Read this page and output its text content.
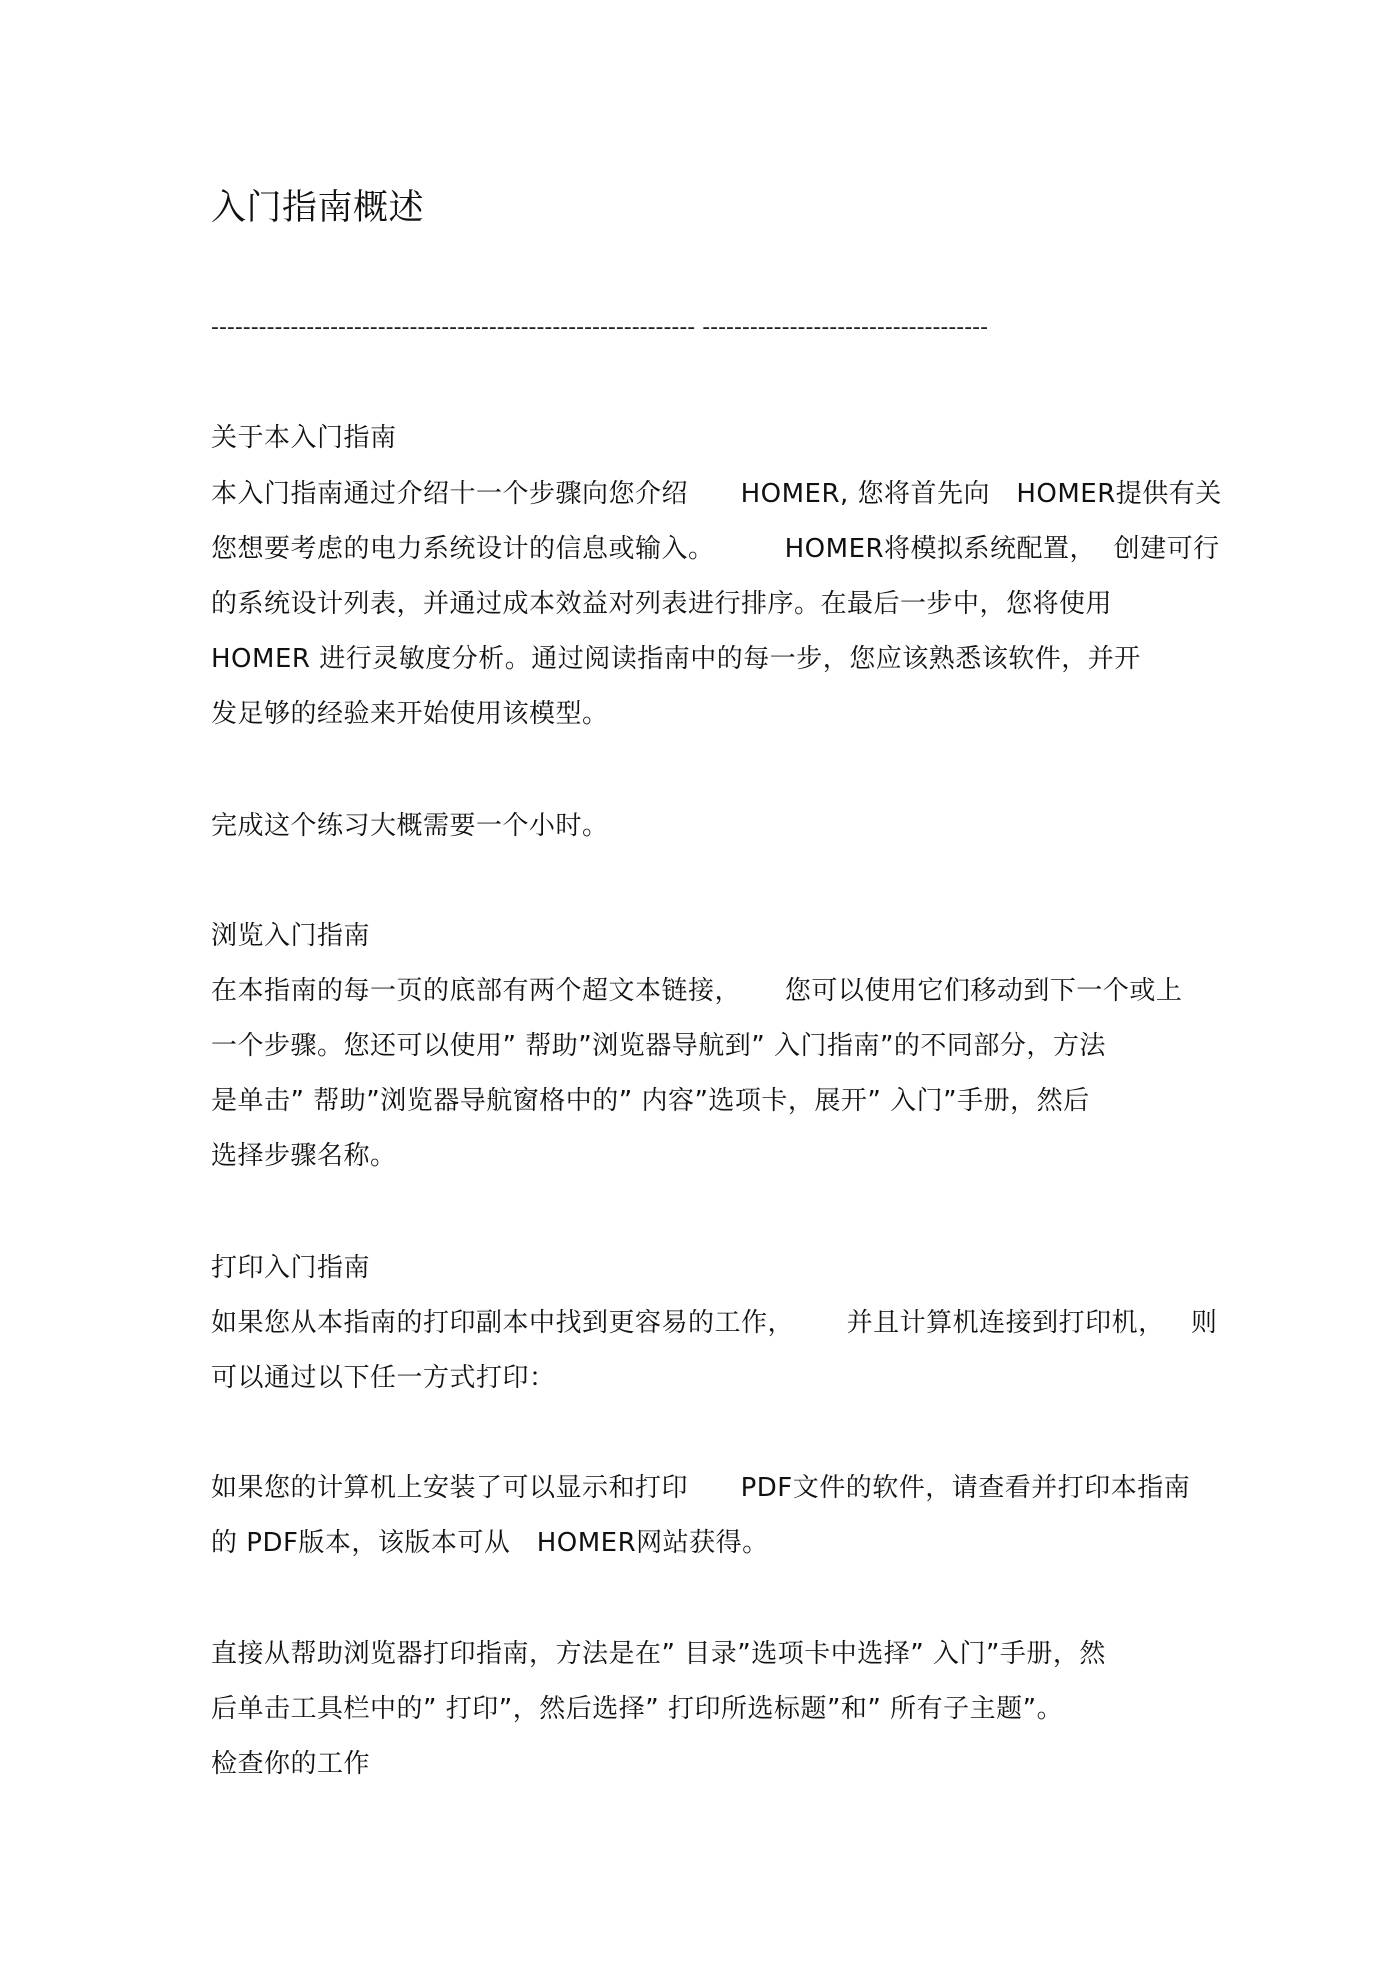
入门指南概述
------------------------------------------------------------- ------------------------------------
关于本入门指南
本入门指南通过介绍十一个步骤向您介绍      HOMER, 您将首先向   HOMER提供有关
您想要考虑的电力系统设计的信息或输入。        HOMER将模拟系统配置，  创建可行
的系统设计列表，并通过成本效益对列表进行排序。在最后一步中，您将使用
HOMER 进行灵敏度分析。通过阅读指南中的每一步，您应该熟悉该软件，并开
发足够的经验来开始使用该模型。
完成这个练习大概需要一个小时。
浏览入门指南
在本指南的每一页的底部有两个超文本链接，     您可以使用它们移动到下一个或上
一个步骤。您还可以使用” 帮助”浏览器导航到” 入门指南”的不同部分，方法
是单击” 帮助”浏览器导航窗格中的” 内容”选项卡，展开” 入门”手册，然后
选择步骤名称。
打印入门指南
如果您从本指南的打印副本中找到更容易的工作，      并且计算机连接到打印机，   则
可以通过以下任一方式打印：
如果您的计算机上安装了可以显示和打印      PDF文件的软件，请查看并打印本指南
的 PDF版本，该版本可从   HOMER网站获得。
直接从帮助浏览器打印指南，方法是在” 目录”选项卡中选择” 入门”手册，然
后单击工具栏中的” 打印”，然后选择” 打印所选标题”和” 所有子主题”。
检查你的工作
